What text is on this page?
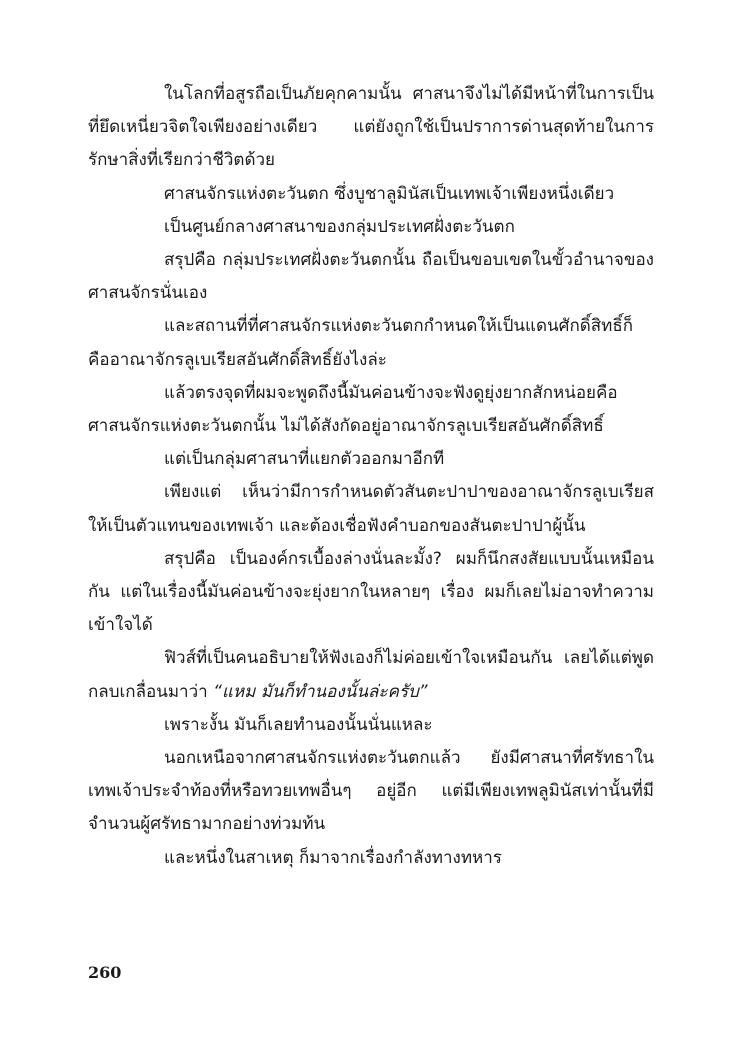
ในโลกที่อสูรถือเป็นภัยคุกคามนั้น ศาสนาจึงไม่ได้มีหน้าที่ในการเป็นที่ยึดเหนี่ยวจิตใจเพียงอย่างเดียว แต่ยังถูกใช้เป็นปราการด่านสุดท้ายในการรักษาสิ่งที่เรียกว่าชีวิตด้วย

ศาสนจักรแห่งตะวันตก ซึ่งบูชาลูมินัสเป็นเทพเจ้าเพียงหนึ่งเดียว

เป็นศูนย์กลางศาสนาของกลุ่มประเทศฝั่งตะวันตก

สรุปคือ กลุ่มประเทศฝั่งตะวันตกนั้น ถือเป็นขอบเขตในขั้วอำนาจของศาสนจักรนั่นเอง

และสถานที่ที่ศาสนจักรแห่งตะวันตกกำหนดให้เป็นแดนศักดิ์สิทธิ์ก็คืออาณาจักรลูเบเรียสอันศักดิ์สิทธิ์ยังไงล่ะ

แล้วตรงจุดที่ผมจะพูดถึงนี้มันค่อนข้างจะฟังดูยุ่งยากสักหน่อยคือศาสนจักรแห่งตะวันตกนั้น ไม่ได้สังกัดอยู่อาณาจักรลูเบเรียสอันศักดิ์สิทธิ์

แต่เป็นกลุ่มศาสนาที่แยกตัวออกมาอีกที

เพียงแต่ เห็นว่ามีการกำหนดตัวสันตะปาปาของอาณาจักรลูเบเรียสให้เป็นตัวแทนของเทพเจ้า และต้องเชื่อฟังคำบอกของสันตะปาปาผู้นั้น

สรุปคือ เป็นองค์กรเบื้องล่างนั่นละมั้ง? ผมก็นึกสงสัยแบบนั้นเหมือนกัน แต่ในเรื่องนี้มันค่อนข้างจะยุ่งยากในหลายๆ เรื่อง ผมก็เลยไม่อาจทำความเข้าใจได้

ฟิวส์ที่เป็นคนอธิบายให้ฟังเองก็ไม่ค่อยเข้าใจเหมือนกัน เลยได้แต่พูดกลบเกลื่อนมาว่า “แหม มันก็ทำนองนั้นล่ะครับ”

เพราะงั้น มันก็เลยทำนองนั้นนั่นแหละ

นอกเหนือจากศาสนจักรแห่งตะวันตกแล้ว ยังมีศาสนาที่ศรัทธาในเทพเจ้าประจำท้องที่หรือทวยเทพอื่นๆ อยู่อีก แต่มีเพียงเทพลูมินัสเท่านั้นที่มีจำนวนผู้ศรัทธามากอย่างท่วมท้น

และหนึ่งในสาเหตุ ก็มาจากเรื่องกำลังทางทหาร

260
